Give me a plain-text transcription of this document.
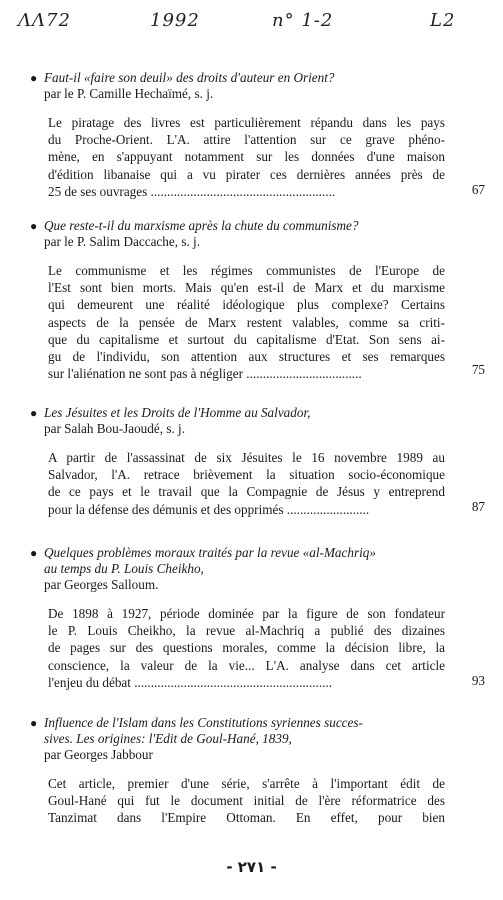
ΛΛ72	1992	n° 1-2	L2
● Faut-il «faire son deuil» des droits d'auteur en Orient?
par le P. Camille Hechaïmé, s. j.
Le piratage des livres est particulièrement répandu dans les pays
du Proche-Orient. L'A. attire l'attention sur ce grave phéno-
mène, en s'appuyant notamment sur les données d'une maison
d'édition libanaise qui a vu pirater ces dernières années près de
25 de ses ouvrages ........................................................	67
● Que reste-t-il du marxisme après la chute du communisme?
par le P. Salim Daccache, s. j.
Le communisme et les régimes communistes de l'Europe de
l'Est sont bien morts. Mais qu'en est-il de Marx et du marxisme
qui demeurent une réalité idéologique plus complexe? Certains
aspects de la pensée de Marx restent valables, comme sa criti-
que du capitalisme et surtout du capitalisme d'Etat. Son sens ai-
gu de l'individu, son attention aux structures et ses remarques
sur l'aliénation ne sont pas à négliger ...................................	75
● Les Jésuites et les Droits de l'Homme au Salvador,
par Salah Bou-Jaoudé, s. j.
A partir de l'assassinat de six Jésuites le 16 novembre 1989 au
Salvador, l'A. retrace brièvement la situation socio-économique
de ce pays et le travail que la Compagnie de Jésus y entreprend
pour la défense des démunis et des opprimés .........................	87
● Quelques problèmes moraux traités par la revue «al-Machriq»
au temps du P. Louis Cheikho,
par Georges Salloum.
De 1898 à 1927, période dominée par la figure de son fondateur
le P. Louis Cheikho, la revue al-Machriq a publié des dizaines
de pages sur des questions morales, comme la décision libre, la
conscience, la valeur de la vie... L'A. analyse dans cet article
l'enjeu du débat ............................................................	93
● Influence de l'Islam dans les Constitutions syriennes succes-
sives. Les origines: l'Edit de Goul-Hané, 1839,
par Georges Jabbour
Cet article, premier d'une série, s'arrête à l'important édit de
Goul-Hané qui fut le document initial de l'ère réformatrice des
Tanzimat dans l'Empire Ottoman. En effet, pour bien
- ٢٧١ -
